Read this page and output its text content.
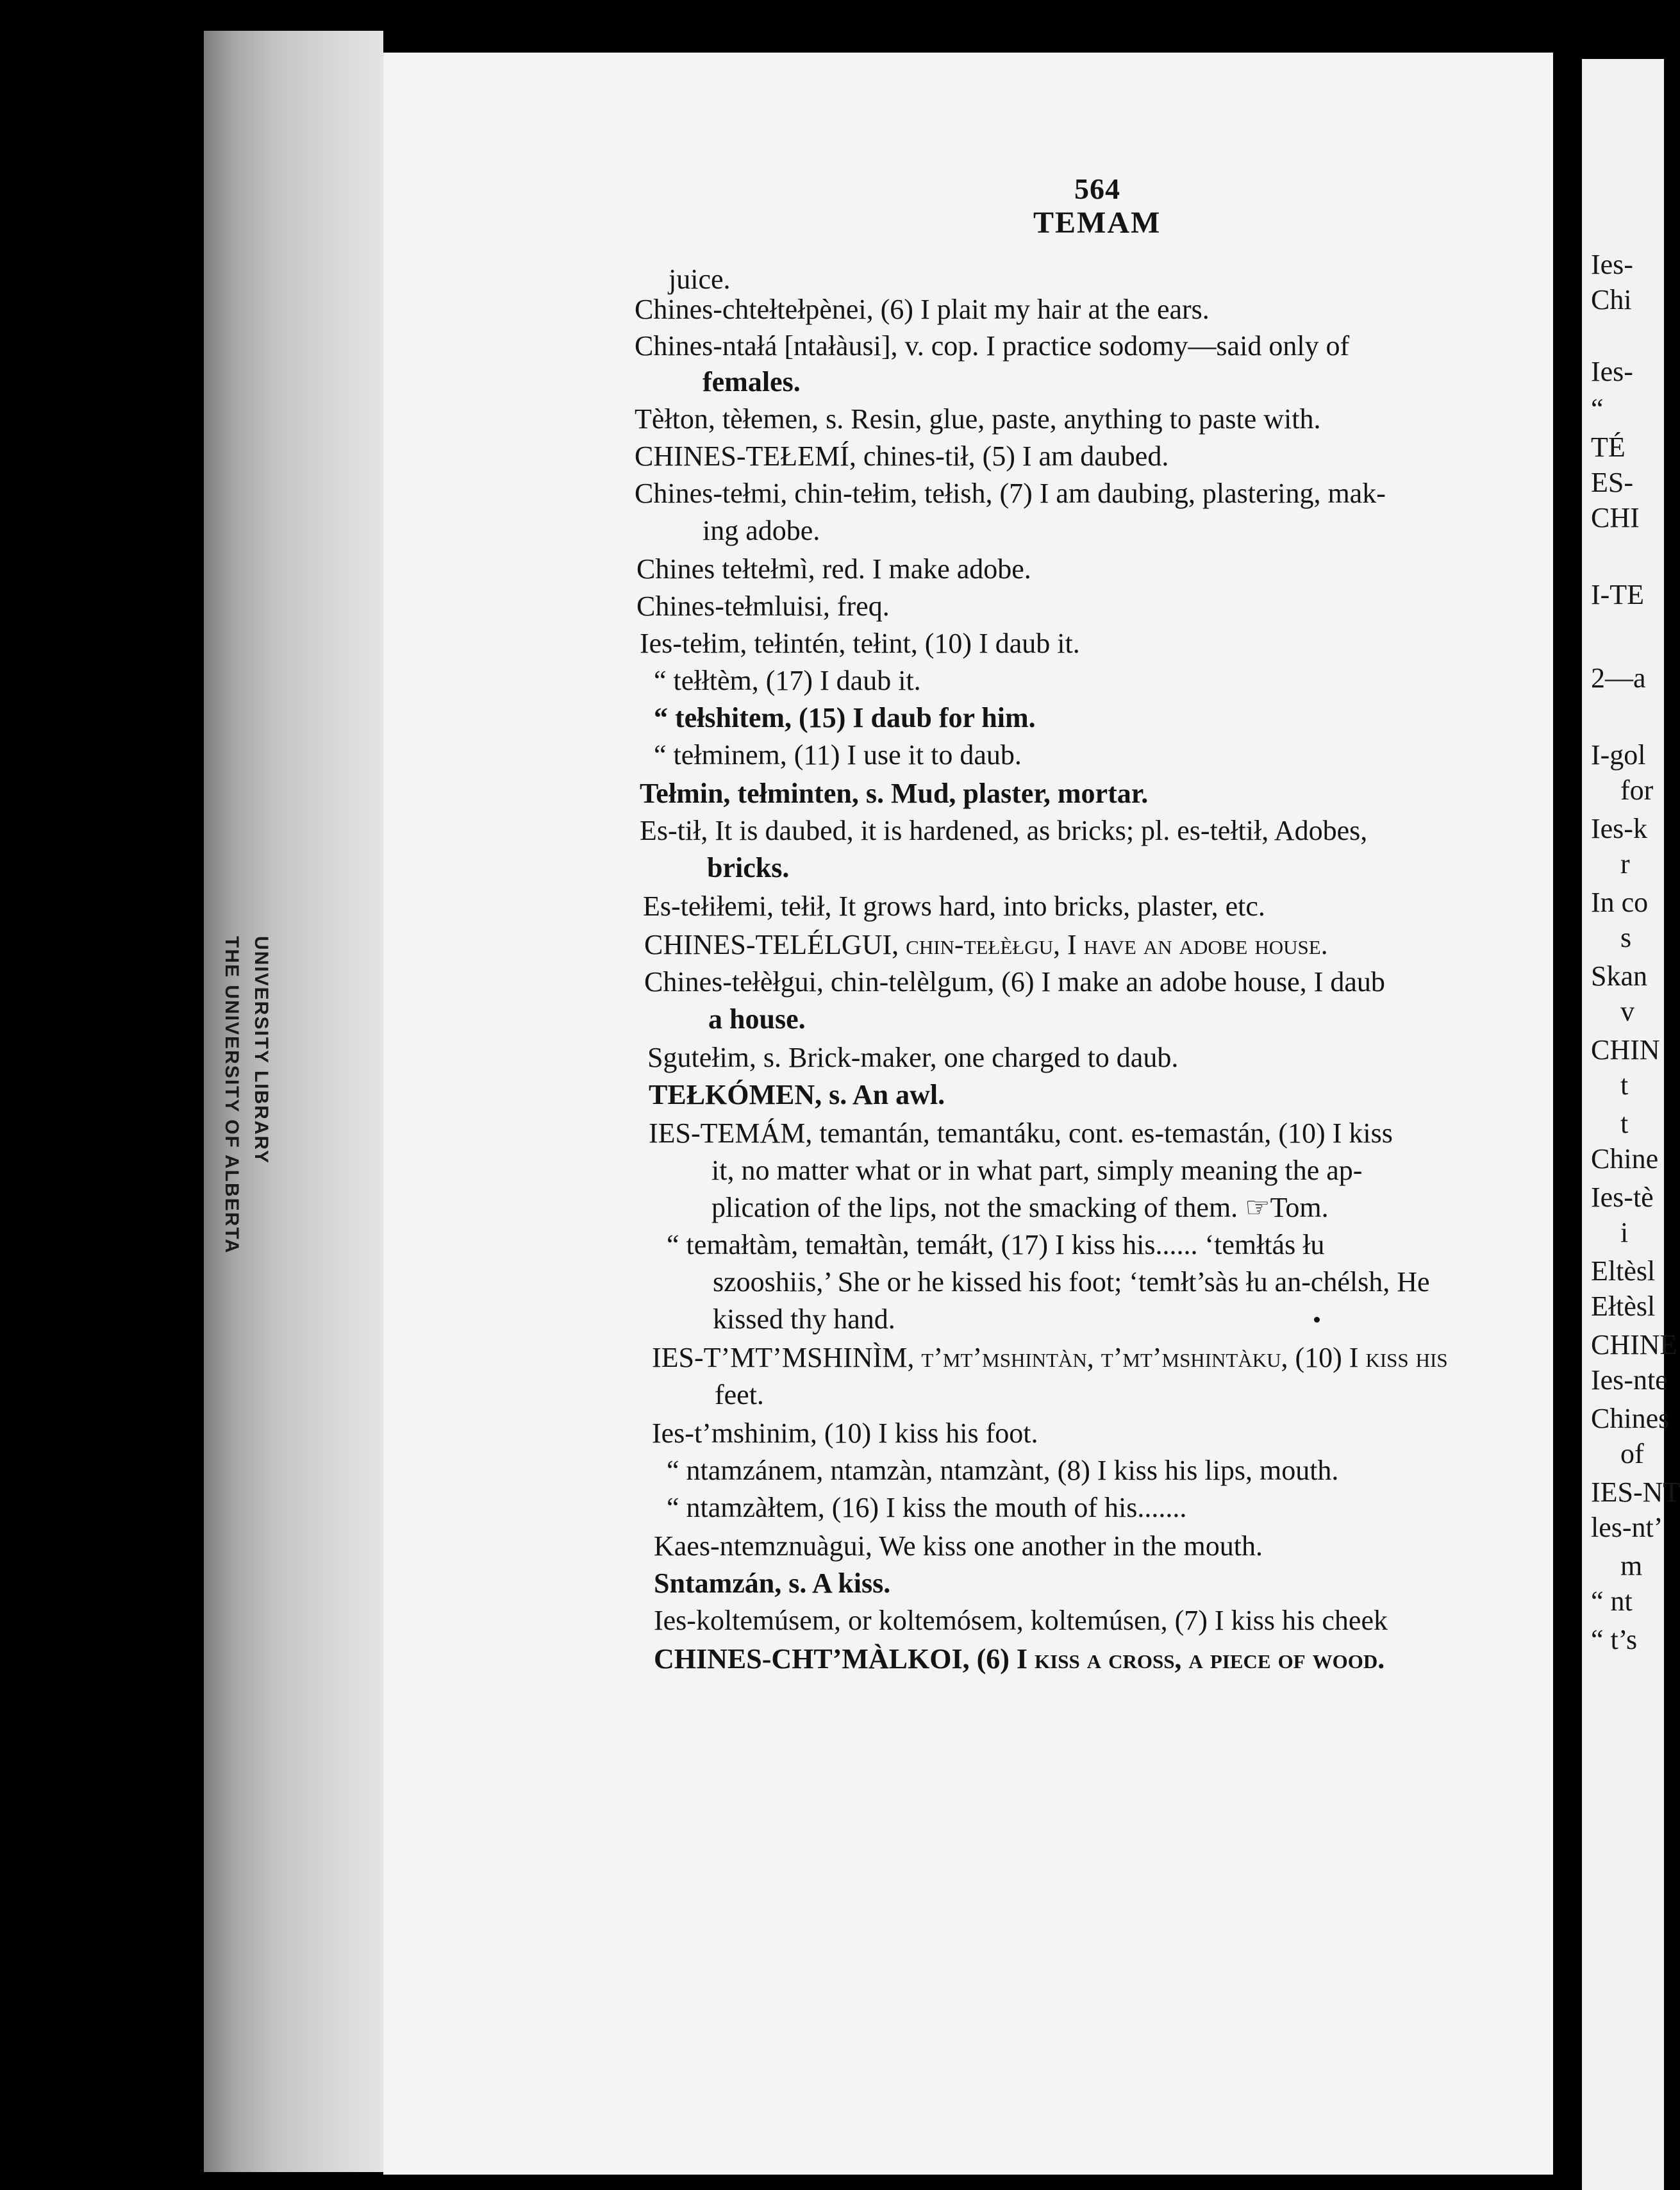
UNIVERSITY LIBRARY
THE UNIVERSITY OF ALBERTA
Ies-
Chi
Ies-
“
TÉ
ES-
CHI
I-TE
2—a
I-gol
for
Ies-k
r
In co
s
Skan
v
CHIN
t
t
Chine
Ies-tè
i
Eltèsl
Ełtèsl
CHINE
Ies-nte
Chines
of
IES-NT
les-nt’
m
“ nt
“ t’s
564
TEMAM
juice.
Chines-chtełtełpènei, (6) I plait my hair at the ears.
Chines-ntałá [ntałàusi], v. cop. I practice sodomy—said only of
females.
Tèłton, tèłemen, s. Resin, glue, paste, anything to paste with.
CHINES-TEŁEMÍ, chines-tił, (5) I am daubed.
Chines-tełmi, chin-tełim, tełish, (7) I am daubing, plastering, mak-
ing adobe.
Chines tełtełmì, red. I make adobe.
Chines-tełmluisi, freq.
Ies-tełim, tełintén, tełint, (10) I daub it.
“ tełłtèm, (17) I daub it.
“ tełshitem, (15) I daub for him.
“ tełminem, (11) I use it to daub.
Tełmin, tełminten, s. Mud, plaster, mortar.
Es-tił, It is daubed, it is hardened, as bricks; pl. es-tełtił, Adobes,
bricks.
Es-tełiłemi, tełił, It grows hard, into bricks, plaster, etc.
CHINES-TELÉLGUI, chin-tełèłgu, I have an adobe house.
Chines-tełèłgui, chin-telèlgum, (6) I make an adobe house, I daub
a house.
Sgutełim, s. Brick-maker, one charged to daub.
TEŁKÓMEN, s. An awl.
IES-TEMÁM, temantán, temantáku, cont. es-temastán, (10) I kiss
it, no matter what or in what part, simply meaning the ap-
plication of the lips, not the smacking of them. ☞Tom.
“ temałtàm, temałtàn, temáłt, (17) I kiss his...... ‘temłtás łu
szooshiis,’ She or he kissed his foot; ‘temłt’sàs łu an-chélsh, He
kissed thy hand.
IES-T’MT’MSHINÌM, t’mt’mshintàn, t’mt’mshintàku, (10) I kiss his
feet.
Ies-t’mshinim, (10) I kiss his foot.
“ ntamzánem, ntamzàn, ntamzànt, (8) I kiss his lips, mouth.
“ ntamzàłtem, (16) I kiss the mouth of his.......
Kaes-ntemznuàgui, We kiss one another in the mouth.
Sntamzán, s. A kiss.
Ies-koltemúsem, or koltemósem, koltemúsen, (7) I kiss his cheek
CHINES-CHT’MÀLKOI, (6) I kiss a cross, a piece of wood.
